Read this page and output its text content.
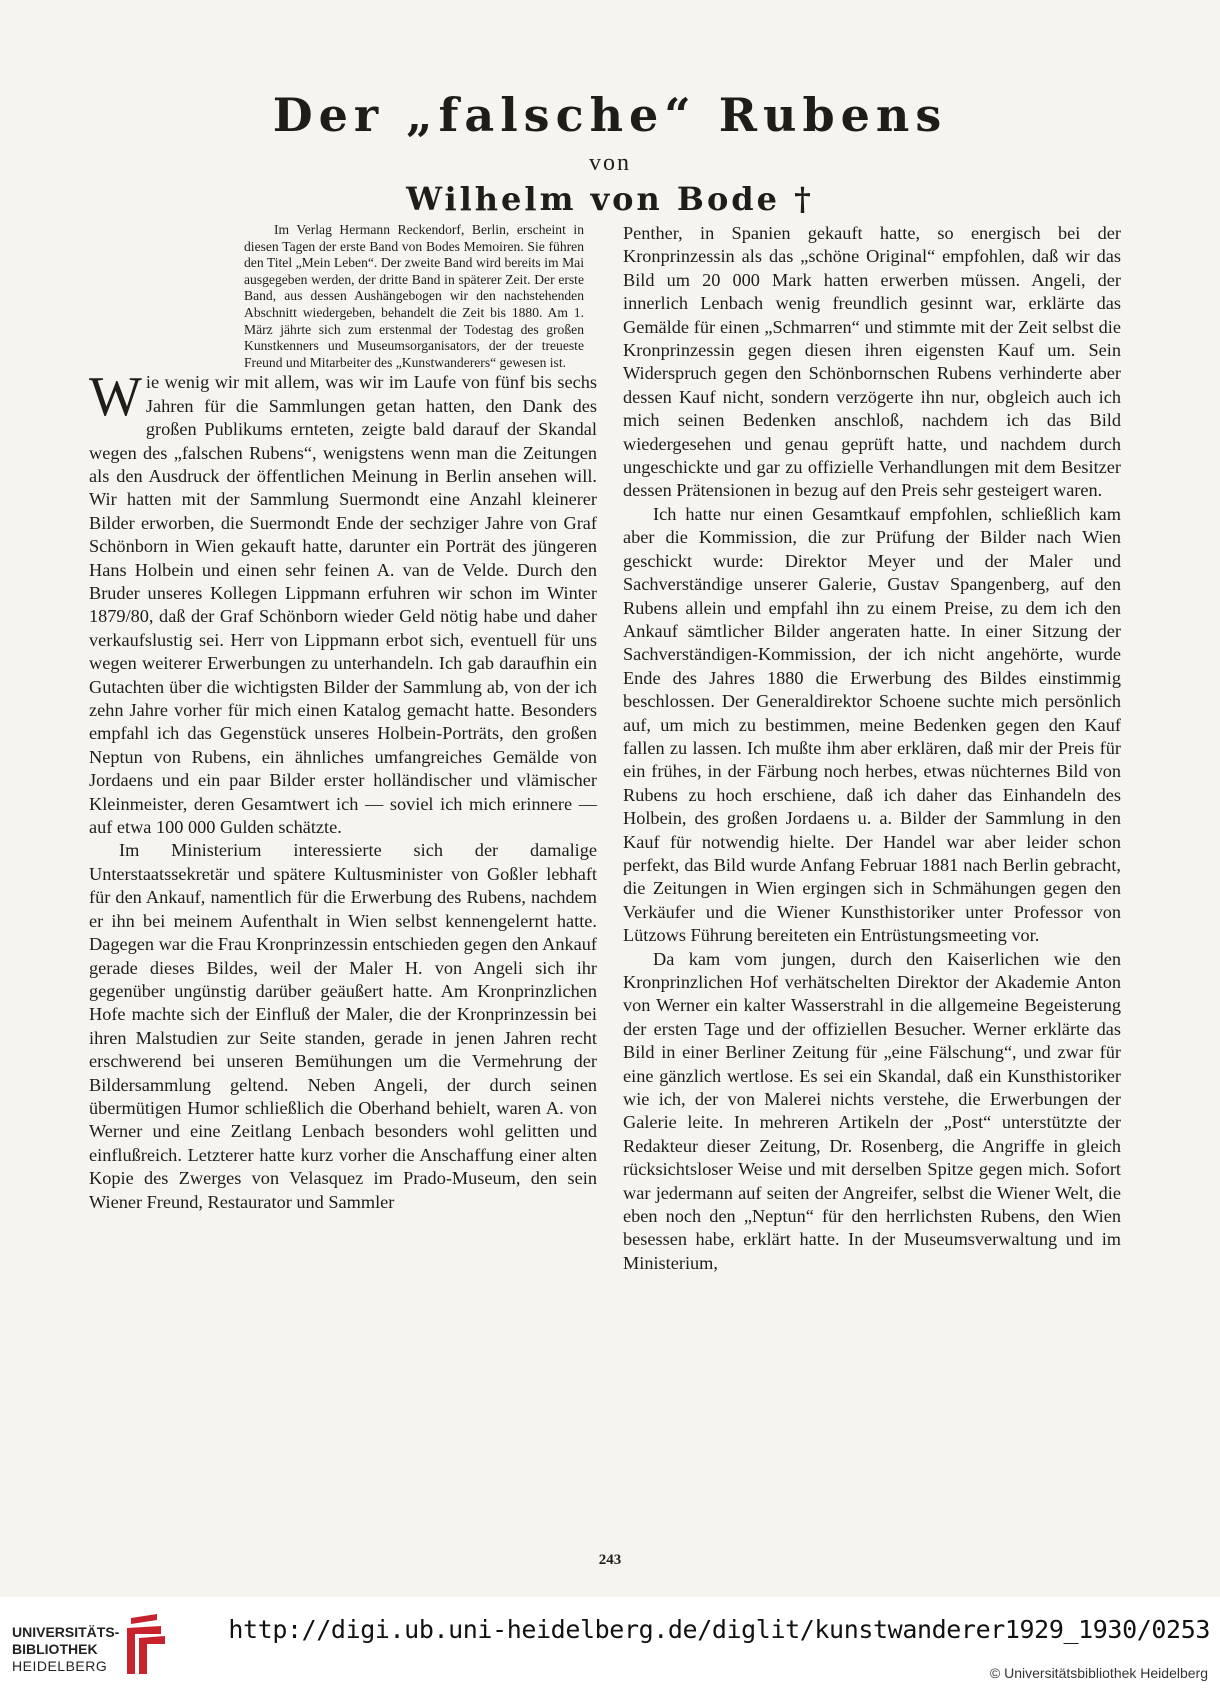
Der „falsche“ Rubens
von
Wilhelm von Bode †

Im Verlag Hermann Reckendorf, Berlin, erscheint in diesen Tagen der erste Band von Bodes Memoiren. Sie führen den Titel „Mein Leben“. Der zweite Band wird bereits im Mai ausgegeben werden, der dritte Band in späterer Zeit. Der erste Band, aus dessen Aushängebogen wir den nachstehenden Abschnitt wiedergeben, behandelt die Zeit bis 1880. Am 1. März jährte sich zum erstenmal der Todestag des großen Kunstkenners und Museumsorganisators, der der treueste Freund und Mitarbeiter des „Kunstwanderers“ gewesen ist.

Wie wenig wir mit allem, was wir im Laufe von fünf bis sechs Jahren für die Sammlungen getan hatten, den Dank des großen Publikums ernteten, zeigte bald darauf der Skandal wegen des „falschen Rubens“, wenigstens wenn man die Zeitungen als den Ausdruck der öffentlichen Meinung in Berlin ansehen will. Wir hatten mit der Sammlung Suermondt eine Anzahl kleinerer Bilder erworben, die Suermondt Ende der sechziger Jahre von Graf Schönborn in Wien gekauft hatte, darunter ein Porträt des jüngeren Hans Holbein und einen sehr feinen A. van de Velde. Durch den Bruder unseres Kollegen Lippmann erfuhren wir schon im Winter 1879/80, daß der Graf Schönborn wieder Geld nötig habe und daher verkaufslustig sei. Herr von Lippmann erbot sich, eventuell für uns wegen weiterer Erwerbungen zu unterhandeln. Ich gab daraufhin ein Gutachten über die wichtigsten Bilder der Sammlung ab, von der ich zehn Jahre vorher für mich einen Katalog gemacht hatte. Besonders empfahl ich das Gegenstück unseres Holbein-Porträts, den großen Neptun von Rubens, ein ähnliches umfangreiches Gemälde von Jordaens und ein paar Bilder erster holländischer und vlämischer Kleinmeister, deren Gesamtwert ich — soviel ich mich erinnere — auf etwa 100 000 Gulden schätzte.

Im Ministerium interessierte sich der damalige Unterstaatssekretär und spätere Kultusminister von Goßler lebhaft für den Ankauf, namentlich für die Erwerbung des Rubens, nachdem er ihn bei meinem Aufenthalt in Wien selbst kennengelernt hatte. Dagegen war die Frau Kronprinzessin entschieden gegen den Ankauf gerade dieses Bildes, weil der Maler H. von Angeli sich ihr gegenüber ungünstig darüber geäußert hatte. Am Kronprinzlichen Hofe machte sich der Einfluß der Maler, die der Kronprinzessin bei ihren Malstudien zur Seite standen, gerade in jenen Jahren recht erschwerend bei unseren Bemühungen um die Vermehrung der Bildersammlung geltend. Neben Angeli, der durch seinen übermütigen Humor schließlich die Oberhand behielt, waren A. von Werner und eine Zeitlang Lenbach besonders wohl gelitten und einflußreich. Letzterer hatte kurz vorher die Anschaffung einer alten Kopie des Zwerges von Velasquez im Prado-Museum, den sein Wiener Freund, Restaurator und Sammler

Penther, in Spanien gekauft hatte, so energisch bei der Kronprinzessin als das „schöne Original“ empfohlen, daß wir das Bild um 20 000 Mark hatten erwerben müssen. Angeli, der innerlich Lenbach wenig freundlich gesinnt war, erklärte das Gemälde für einen „Schmarren“ und stimmte mit der Zeit selbst die Kronprinzessin gegen diesen ihren eigensten Kauf um. Sein Widerspruch gegen den Schönbornschen Rubens verhinderte aber dessen Kauf nicht, sondern verzögerte ihn nur, obgleich auch ich mich seinen Bedenken anschloß, nachdem ich das Bild wiedergesehen und genau geprüft hatte, und nachdem durch ungeschickte und gar zu offizielle Verhandlungen mit dem Besitzer dessen Prätensionen in bezug auf den Preis sehr gesteigert waren.

Ich hatte nur einen Gesamtkauf empfohlen, schließlich kam aber die Kommission, die zur Prüfung der Bilder nach Wien geschickt wurde: Direktor Meyer und der Maler und Sachverständige unserer Galerie, Gustav Spangenberg, auf den Rubens allein und empfahl ihn zu einem Preise, zu dem ich den Ankauf sämtlicher Bilder angeraten hatte. In einer Sitzung der Sachverständigen-Kommission, der ich nicht angehörte, wurde Ende des Jahres 1880 die Erwerbung des Bildes einstimmig beschlossen. Der Generaldirektor Schoene suchte mich persönlich auf, um mich zu bestimmen, meine Bedenken gegen den Kauf fallen zu lassen. Ich mußte ihm aber erklären, daß mir der Preis für ein frühes, in der Färbung noch herbes, etwas nüchternes Bild von Rubens zu hoch erschiene, daß ich daher das Einhandeln des Holbein, des großen Jordaens u. a. Bilder der Sammlung in den Kauf für notwendig hielte. Der Handel war aber leider schon perfekt, das Bild wurde Anfang Februar 1881 nach Berlin gebracht, die Zeitungen in Wien ergingen sich in Schmähungen gegen den Verkäufer und die Wiener Kunsthistoriker unter Professor von Lützows Führung bereiteten ein Entrüstungsmeeting vor.

Da kam vom jungen, durch den Kaiserlichen wie den Kronprinzlichen Hof verhätschelten Direktor der Akademie Anton von Werner ein kalter Wasserstrahl in die allgemeine Begeisterung der ersten Tage und der offiziellen Besucher. Werner erklärte das Bild in einer Berliner Zeitung für „eine Fälschung“, und zwar für eine gänzlich wertlose. Es sei ein Skandal, daß ein Kunsthistoriker wie ich, der von Malerei nichts verstehe, die Erwerbungen der Galerie leite. In mehreren Artikeln der „Post“ unterstützte der Redakteur dieser Zeitung, Dr. Rosenberg, die Angriffe in gleich rücksichtsloser Weise und mit derselben Spitze gegen mich. Sofort war jedermann auf seiten der Angreifer, selbst die Wiener Welt, die eben noch den „Neptun“ für den herrlichsten Rubens, den Wien besessen habe, erklärt hatte. In der Museumsverwaltung und im Ministerium,

243
UNIVERSITÄTS-
BIBLIOTHEK
HEIDELBERG
http://digi.ub.uni-heidelberg.de/diglit/kunstwanderer1929_1930/0253
© Universitätsbibliothek Heidelberg
